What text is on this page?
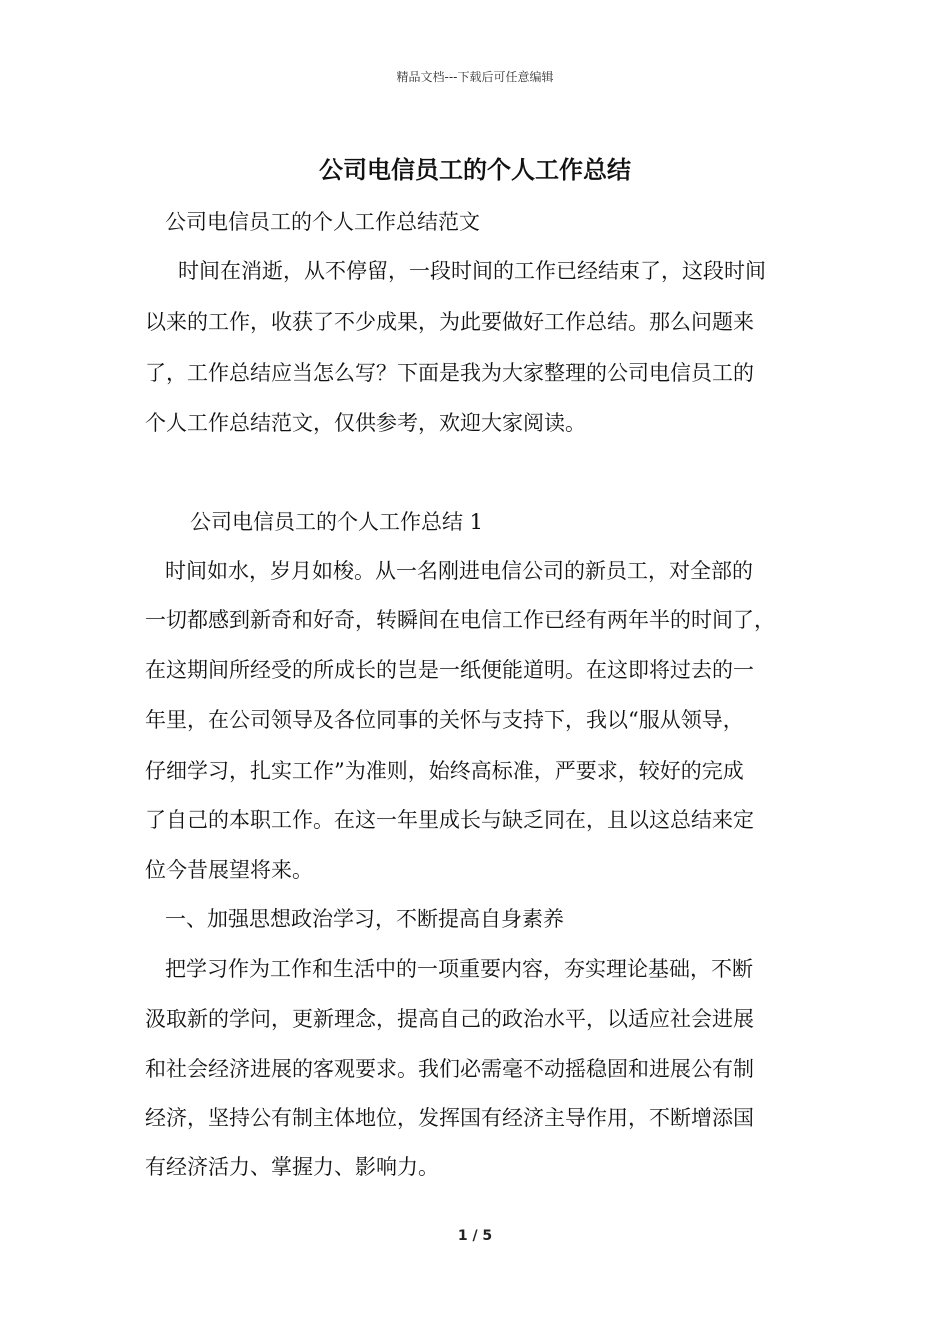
精品文档---下载后可任意编辑
公司电信员工的个人工作总结
公司电信员工的个人工作总结范文
时间在消逝，从不停留，一段时间的工作已经结束了，这段时间
以来的工作，收获了不少成果，为此要做好工作总结。那么问题来
了，工作总结应当怎么写？下面是我为大家整理的公司电信员工的
个人工作总结范文，仅供参考，欢迎大家阅读。
公司电信员工的个人工作总结 1
时间如水，岁月如梭。从一名刚进电信公司的新员工，对全部的
一切都感到新奇和好奇，转瞬间在电信工作已经有两年半的时间了，
在这期间所经受的所成长的岂是一纸便能道明。在这即将过去的一
年里，在公司领导及各位同事的关怀与支持下，我以“服从领导，
仔细学习，扎实工作”为准则，始终高标准，严要求，较好的完成
了自己的本职工作。在这一年里成长与缺乏同在，且以这总结来定
位今昔展望将来。
一、加强思想政治学习，不断提高自身素养
把学习作为工作和生活中的一项重要内容，夯实理论基础，不断
汲取新的学问，更新理念，提高自己的政治水平，以适应社会进展
和社会经济进展的客观要求。我们必需毫不动摇稳固和进展公有制
经济，坚持公有制主体地位，发挥国有经济主导作用，不断增添国
有经济活力、掌握力、影响力。
1 / 5
